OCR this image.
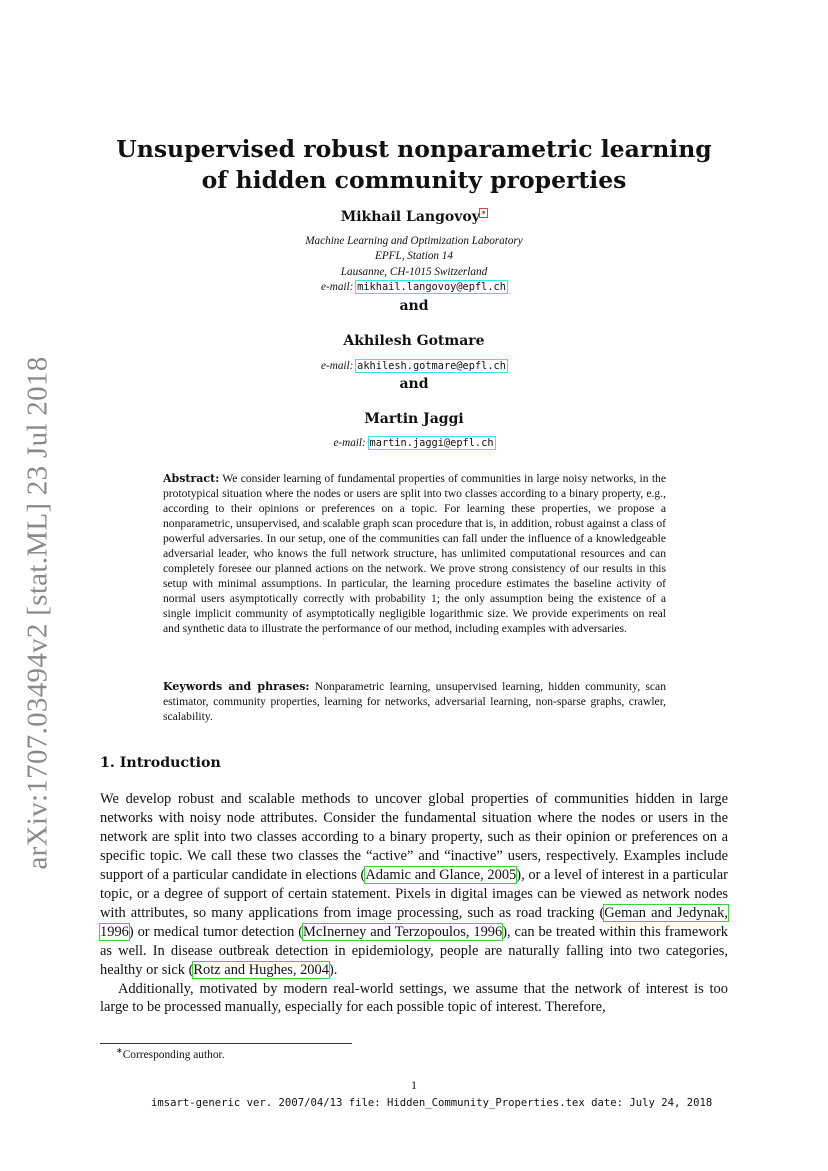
arXiv:1707.03494v2 [stat.ML] 23 Jul 2018
Unsupervised robust nonparametric learning of hidden community properties
Mikhail Langovoy∗
Machine Learning and Optimization Laboratory
EPFL, Station 14
Lausanne, CH-1015 Switzerland
e-mail: mikhail.langovoy@epfl.ch
and
Akhilesh Gotmare
e-mail: akhilesh.gotmare@epfl.ch
and
Martin Jaggi
e-mail: martin.jaggi@epfl.ch
Abstract: We consider learning of fundamental properties of communities in large noisy networks, in the prototypical situation where the nodes or users are split into two classes according to a binary property, e.g., according to their opinions or preferences on a topic. For learning these properties, we propose a nonparametric, unsupervised, and scalable graph scan procedure that is, in addition, robust against a class of powerful adversaries. In our setup, one of the communities can fall under the influence of a knowledgeable adversarial leader, who knows the full network structure, has unlimited computational resources and can completely foresee our planned actions on the network. We prove strong consistency of our results in this setup with minimal assumptions. In particular, the learning procedure estimates the baseline activity of normal users asymptotically correctly with probability 1; the only assumption being the existence of a single implicit community of asymptotically negligible logarithmic size. We provide experiments on real and synthetic data to illustrate the performance of our method, including examples with adversaries.
Keywords and phrases: Nonparametric learning, unsupervised learning, hidden community, scan estimator, community properties, learning for networks, adversarial learning, non-sparse graphs, crawler, scalability.
1. Introduction

We develop robust and scalable methods to uncover global properties of communities hidden in large networks with noisy node attributes. Consider the fundamental situation where the nodes or users in the network are split into two classes according to a binary property, such as their opinion or preferences on a specific topic. We call these two classes the “active” and “inactive” users, respectively. Examples include support of a particular candidate in elections (Adamic and Glance, 2005), or a level of interest in a particular topic, or a degree of support of certain statement. Pixels in digital images can be viewed as network nodes with attributes, so many applications from image processing, such as road tracking (Geman and Jedynak, 1996) or medical tumor detection (McInerney and Terzopoulos, 1996), can be treated within this framework as well. In disease outbreak detection in epidemiology, people are naturally falling into two categories, healthy or sick (Rotz and Hughes, 2004).

Additionally, motivated by modern real-world settings, we assume that the network of interest is too large to be processed manually, especially for each possible topic of interest. Therefore,

∗Corresponding author.
1
imsart-generic ver. 2007/04/13 file: Hidden_Community_Properties.tex date: July 24, 2018
